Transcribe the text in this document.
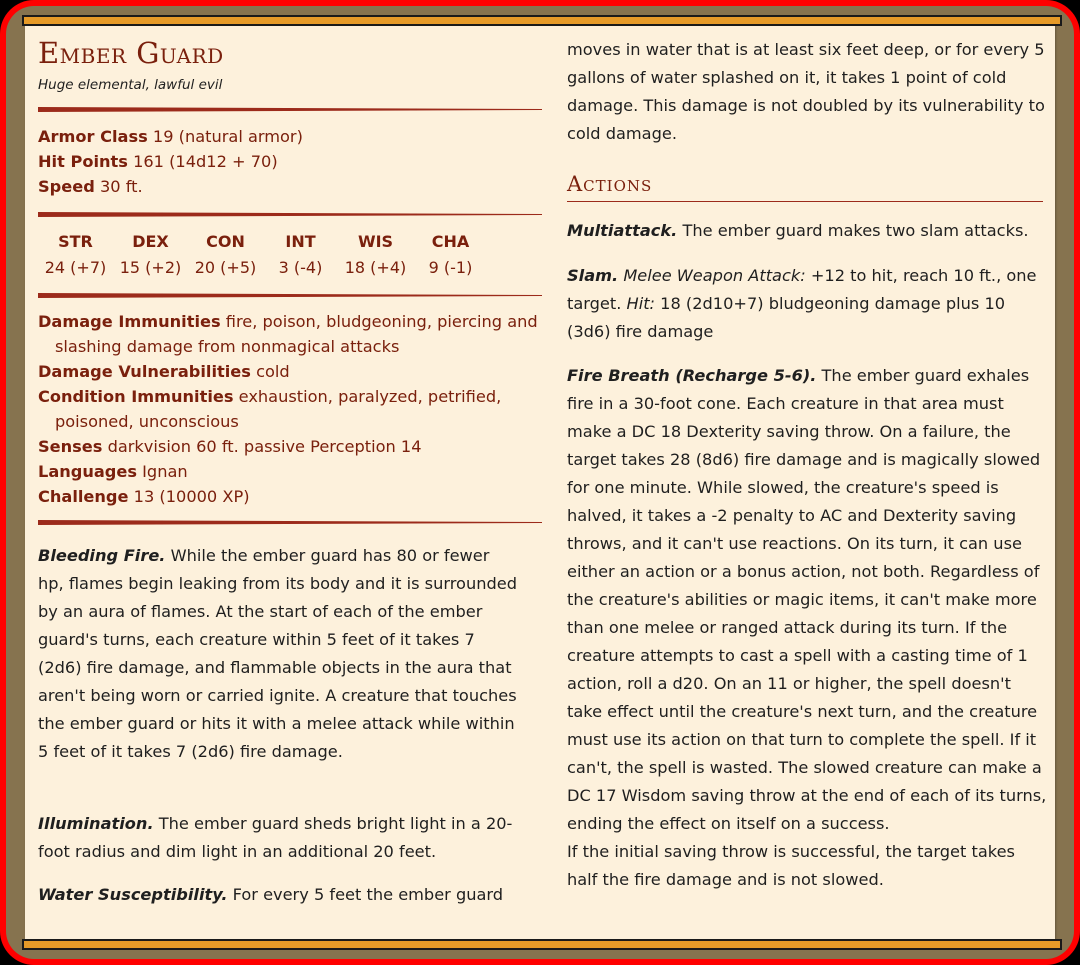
Ember Guard
Huge elemental, lawful evil
Armor Class 19 (natural armor)
Hit Points 161 (14d12 + 70)
Speed 30 ft.
STR
24 (+7)
DEX
15 (+2)
CON
20 (+5)
INT
3 (-4)
WIS
18 (+4)
CHA
9 (-1)
Damage Immunities fire, poison, bludgeoning, piercing and slashing damage from nonmagical attacks
Damage Vulnerabilities cold
Condition Immunities exhaustion, paralyzed, petrified, poisoned, unconscious
Senses darkvision 60 ft. passive Perception 14
Languages Ignan
Challenge 13 (10000 XP)
Bleeding Fire. While the ember guard has 80 or fewer hp, flames begin leaking from its body and it is surrounded by an aura of flames. At the start of each of the ember guard's turns, each creature within 5 feet of it takes 7 (2d6) fire damage, and flammable objects in the aura that aren't being worn or carried ignite. A creature that touches the ember guard or hits it with a melee attack while within 5 feet of it takes 7 (2d6) fire damage.
Illumination. The ember guard sheds bright light in a 20-foot radius and dim light in an additional 20 feet.
Water Susceptibility. For every 5 feet the ember guard
moves in water that is at least six feet deep, or for every 5 gallons of water splashed on it, it takes 1 point of cold damage. This damage is not doubled by its vulnerability to cold damage.
Actions
Multiattack. The ember guard makes two slam attacks.
Slam. Melee Weapon Attack: +12 to hit, reach 10 ft., one target. Hit: 18 (2d10+7) bludgeoning damage plus 10 (3d6) fire damage
Fire Breath (Recharge 5-6). The ember guard exhales fire in a 30-foot cone. Each creature in that area must make a DC 18 Dexterity saving throw. On a failure, the target takes 28 (8d6) fire damage and is magically slowed for one minute. While slowed, the creature's speed is halved, it takes a -2 penalty to AC and Dexterity saving throws, and it can't use reactions. On its turn, it can use either an action or a bonus action, not both. Regardless of the creature's abilities or magic items, it can't make more than one melee or ranged attack during its turn. If the creature attempts to cast a spell with a casting time of 1 action, roll a d20. On an 11 or higher, the spell doesn't take effect until the creature's next turn, and the creature must use its action on that turn to complete the spell. If it can't, the spell is wasted. The slowed creature can make a DC 17 Wisdom saving throw at the end of each of its turns, ending the effect on itself on a success.
If the initial saving throw is successful, the target takes half the fire damage and is not slowed.
